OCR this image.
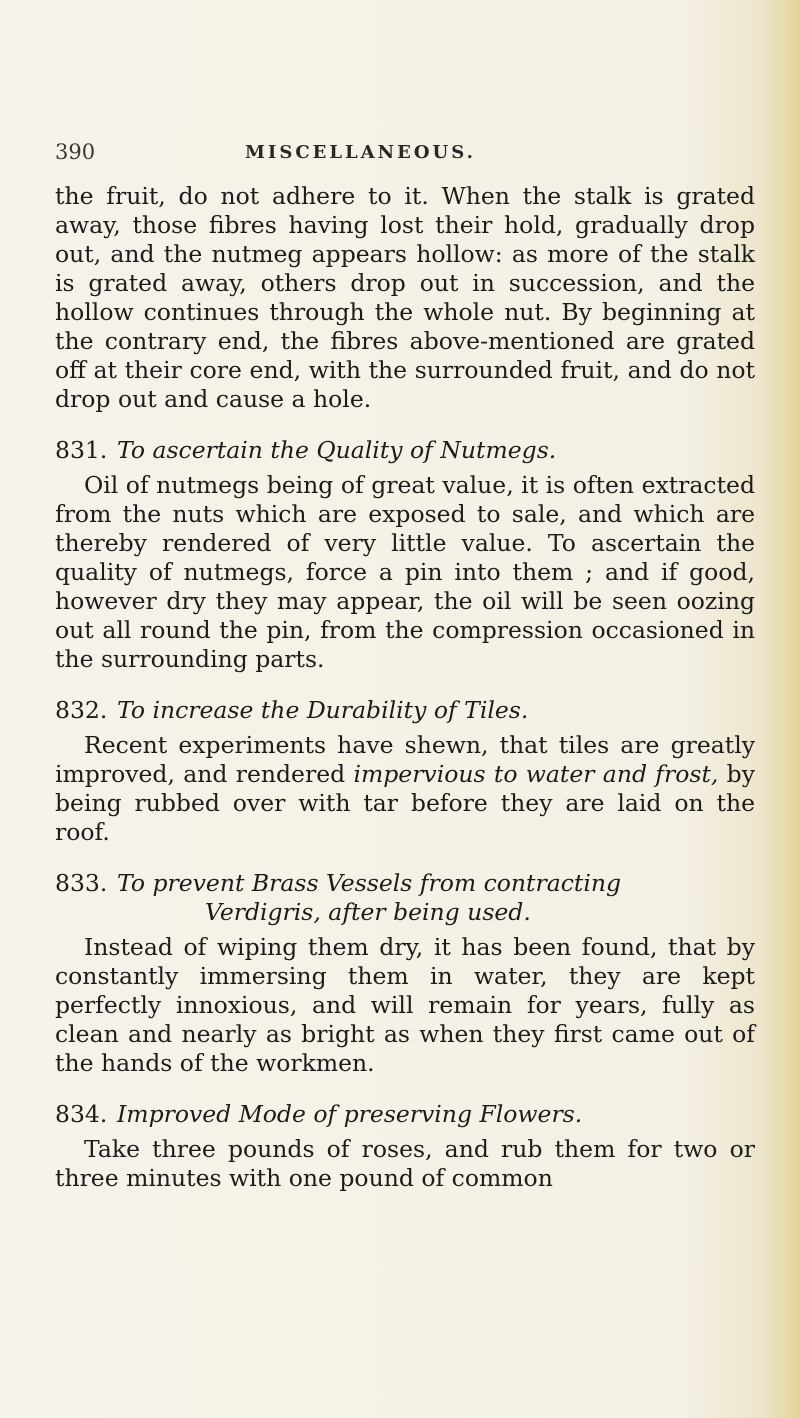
390	MISCELLANEOUS.

the fruit, do not adhere to it. When the stalk is grated away, those fibres having lost their hold, gradually drop out, and the nutmeg appears hollow: as more of the stalk is grated away, others drop out in succession, and the hollow continues through the whole nut. By beginning at the contrary end, the fibres above-mentioned are grated off at their core end, with the surrounded fruit, and do not drop out and cause a hole.

831. To ascertain the Quality of Nutmegs.

Oil of nutmegs being of great value, it is often extracted from the nuts which are exposed to sale, and which are thereby rendered of very little value. To ascertain the quality of nutmegs, force a pin into them ; and if good, however dry they may appear, the oil will be seen oozing out all round the pin, from the compression occasioned in the surrounding parts.

832. To increase the Durability of Tiles.

Recent experiments have shewn, that tiles are greatly improved, and rendered impervious to water and frost, by being rubbed over with tar before they are laid on the roof.

833. To prevent Brass Vessels from contracting
Verdigris, after being used.

Instead of wiping them dry, it has been found, that by constantly immersing them in water, they are kept perfectly innoxious, and will remain for years, fully as clean and nearly as bright as when they first came out of the hands of the workmen.

834. Improved Mode of preserving Flowers.

Take three pounds of roses, and rub them for two or three minutes with one pound of common
